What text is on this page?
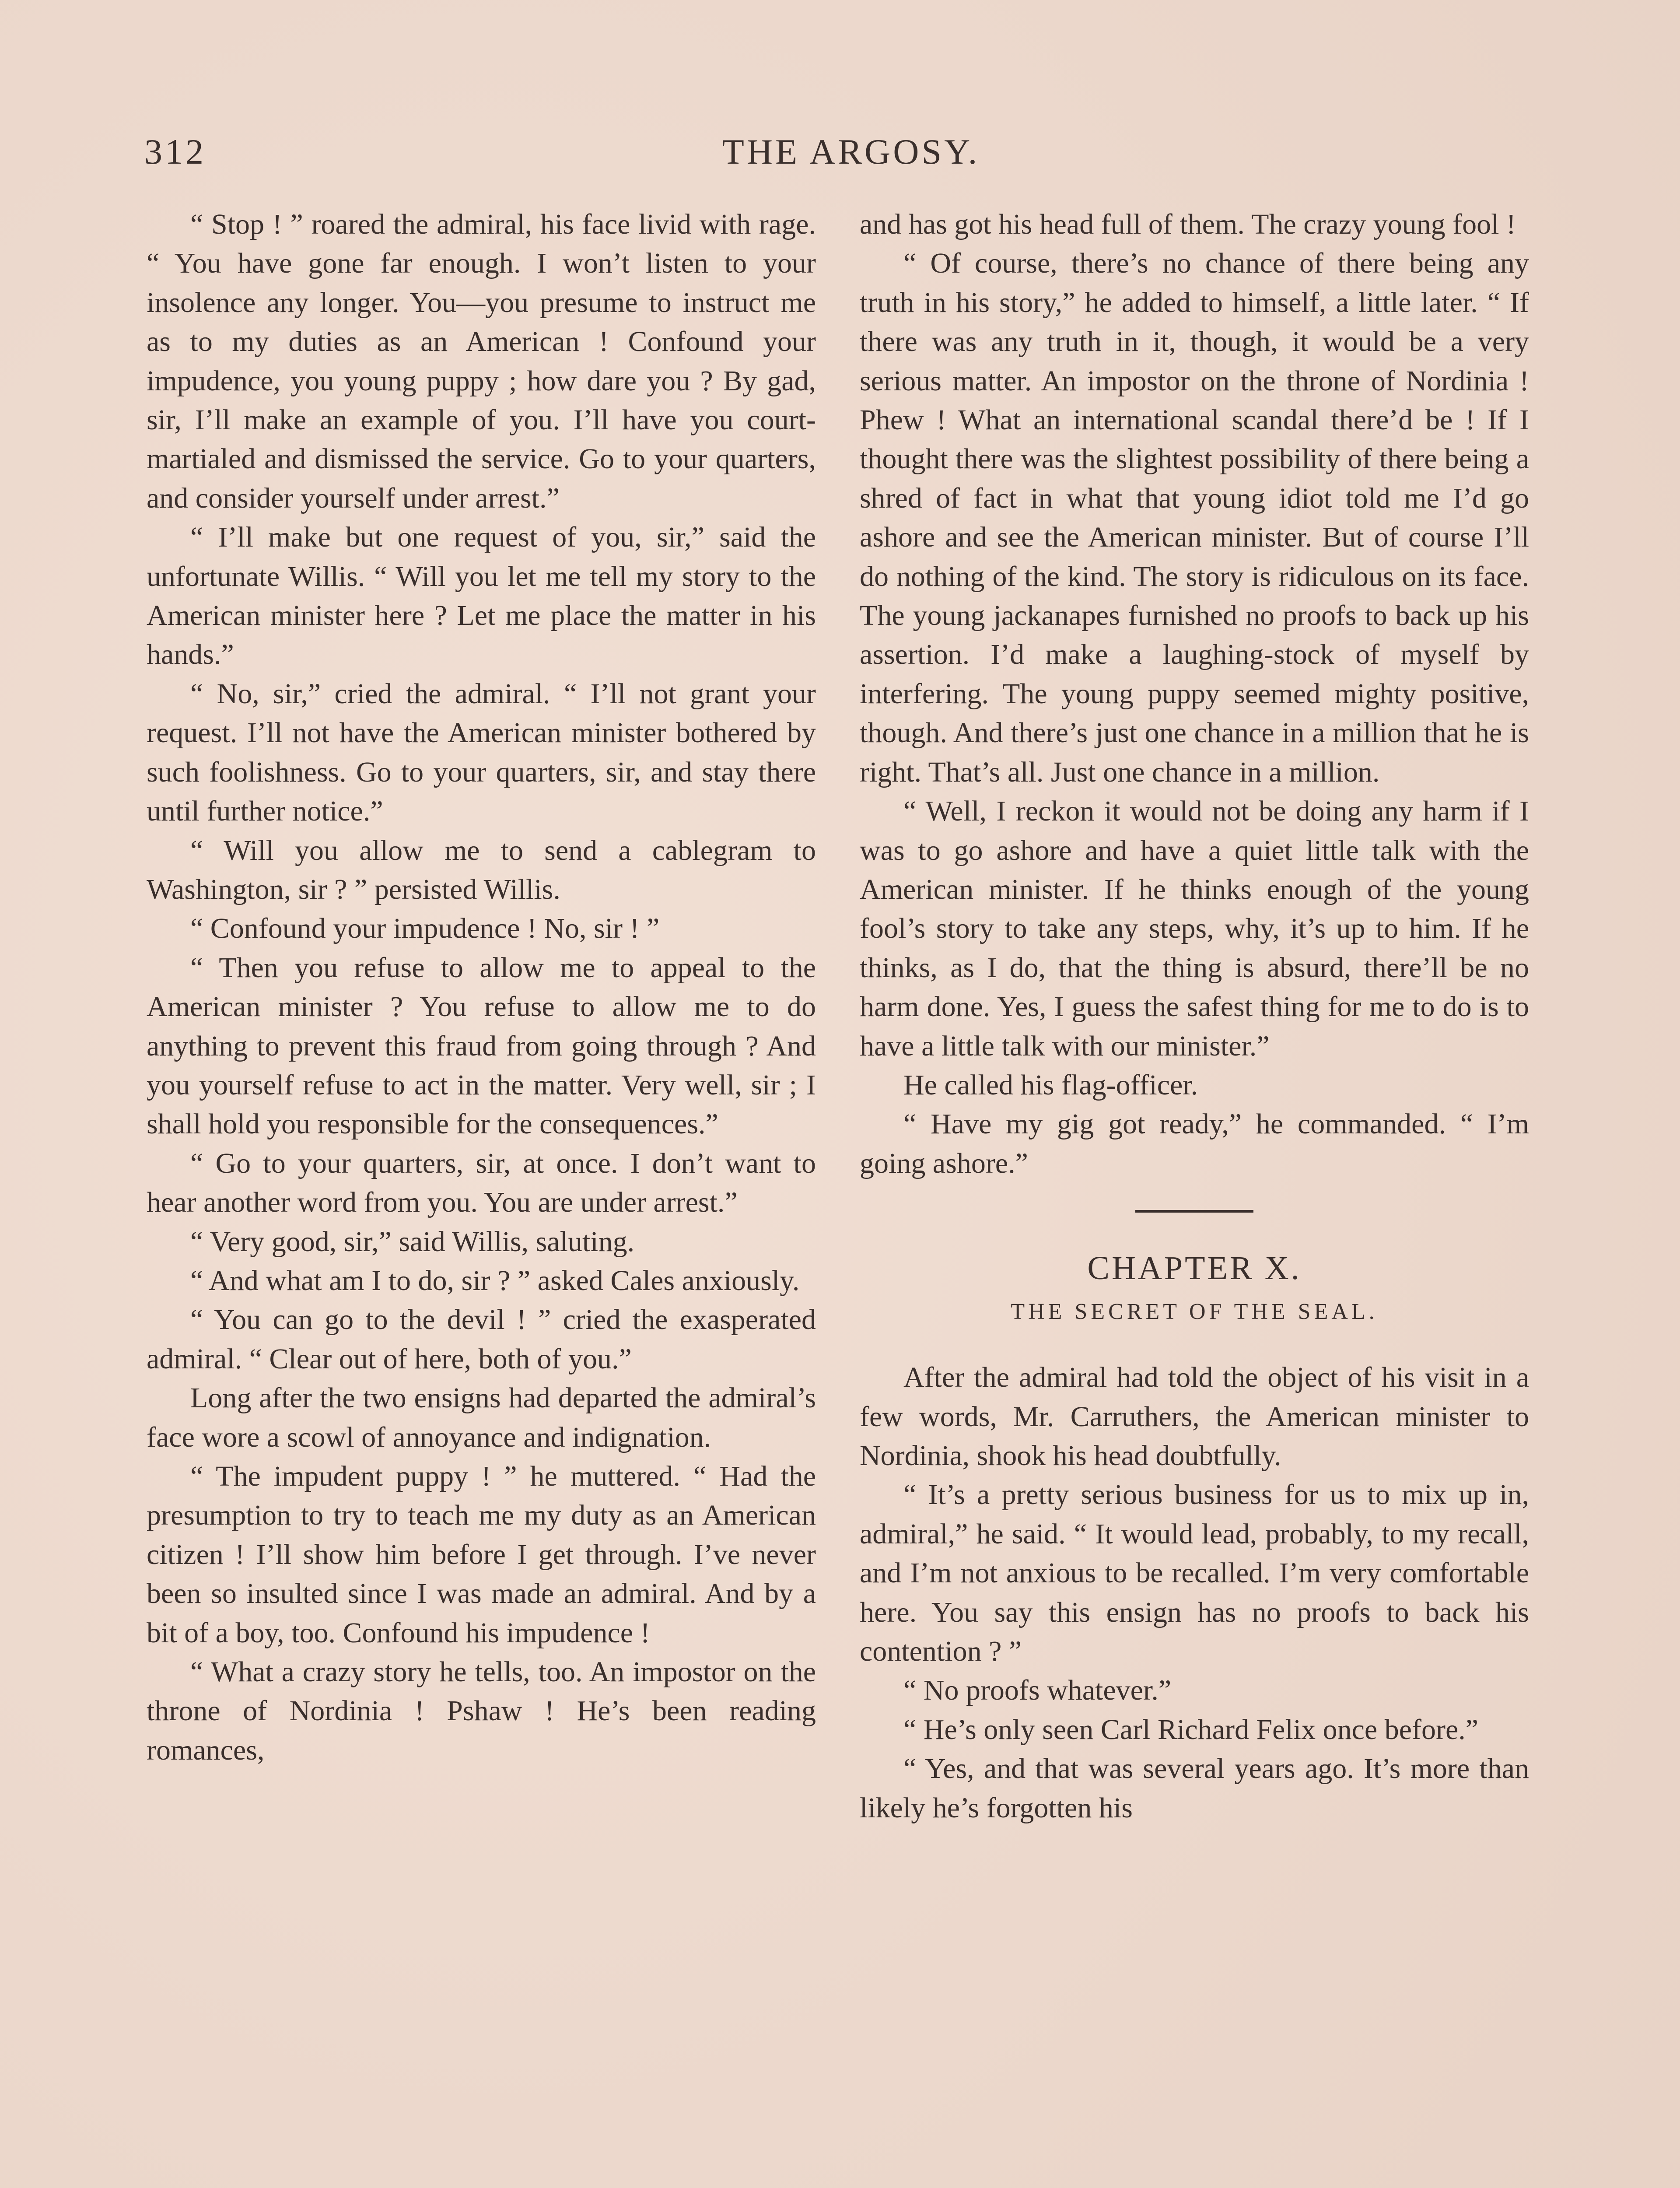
312	THE ARGOSY.

“ Stop ! ” roared the admiral, his face livid with rage. “ You have gone far enough. I won’t listen to your insolence any longer. You—you presume to instruct me as to my duties as an American ! Confound your impudence, you young puppy ; how dare you ? By gad, sir, I’ll make an example of you. I’ll have you court-martialed and dismissed the service. Go to your quarters, and consider yourself under arrest.”

“ I’ll make but one request of you, sir,” said the unfortunate Willis. “ Will you let me tell my story to the American minister here ? Let me place the matter in his hands.”

“ No, sir,” cried the admiral. “ I’ll not grant your request. I’ll not have the American minister bothered by such foolishness. Go to your quarters, sir, and stay there until further notice.”

“ Will you allow me to send a cablegram to Washington, sir ? ” persisted Willis.

“ Confound your impudence ! No, sir ! ”

“ Then you refuse to allow me to appeal to the American minister ? You refuse to allow me to do anything to prevent this fraud from going through ? And you yourself refuse to act in the matter. Very well, sir ; I shall hold you responsible for the consequences.”

“ Go to your quarters, sir, at once. I don’t want to hear another word from you. You are under arrest.”

“ Very good, sir,” said Willis, saluting.

“ And what am I to do, sir ? ” asked Cales anxiously.

“ You can go to the devil ! ” cried the exasperated admiral. “ Clear out of here, both of you.”

Long after the two ensigns had departed the admiral’s face wore a scowl of annoyance and indignation.

“ The impudent puppy ! ” he muttered. “ Had the presumption to try to teach me my duty as an American citizen ! I’ll show him before I get through. I’ve never been so insulted since I was made an admiral. And by a bit of a boy, too. Confound his impudence !

“ What a crazy story he tells, too. An impostor on the throne of Nordinia ! Pshaw ! He’s been reading romances,

and has got his head full of them. The crazy young fool !

“ Of course, there’s no chance of there being any truth in his story,” he added to himself, a little later. “ If there was any truth in it, though, it would be a very serious matter. An impostor on the throne of Nordinia ! Phew ! What an international scandal there’d be ! If I thought there was the slightest possibility of there being a shred of fact in what that young idiot told me I’d go ashore and see the American minister. But of course I’ll do nothing of the kind. The story is ridiculous on its face. The young jackanapes furnished no proofs to back up his assertion. I’d make a laughing-stock of myself by interfering. The young puppy seemed mighty positive, though. And there’s just one chance in a million that he is right. That’s all. Just one chance in a million.

“ Well, I reckon it would not be doing any harm if I was to go ashore and have a quiet little talk with the American minister. If he thinks enough of the young fool’s story to take any steps, why, it’s up to him. If he thinks, as I do, that the thing is absurd, there’ll be no harm done. Yes, I guess the safest thing for me to do is to have a little talk with our minister.”

He called his flag-officer.

“ Have my gig got ready,” he commanded. “ I’m going ashore.”

CHAPTER X.
THE SECRET OF THE SEAL.

After the admiral had told the object of his visit in a few words, Mr. Carruthers, the American minister to Nordinia, shook his head doubtfully.

“ It’s a pretty serious business for us to mix up in, admiral,” he said. “ It would lead, probably, to my recall, and I’m not anxious to be recalled. I’m very comfortable here. You say this ensign has no proofs to back his contention ? ”

“ No proofs whatever.”

“ He’s only seen Carl Richard Felix once before.”

“ Yes, and that was several years ago. It’s more than likely he’s forgotten his
